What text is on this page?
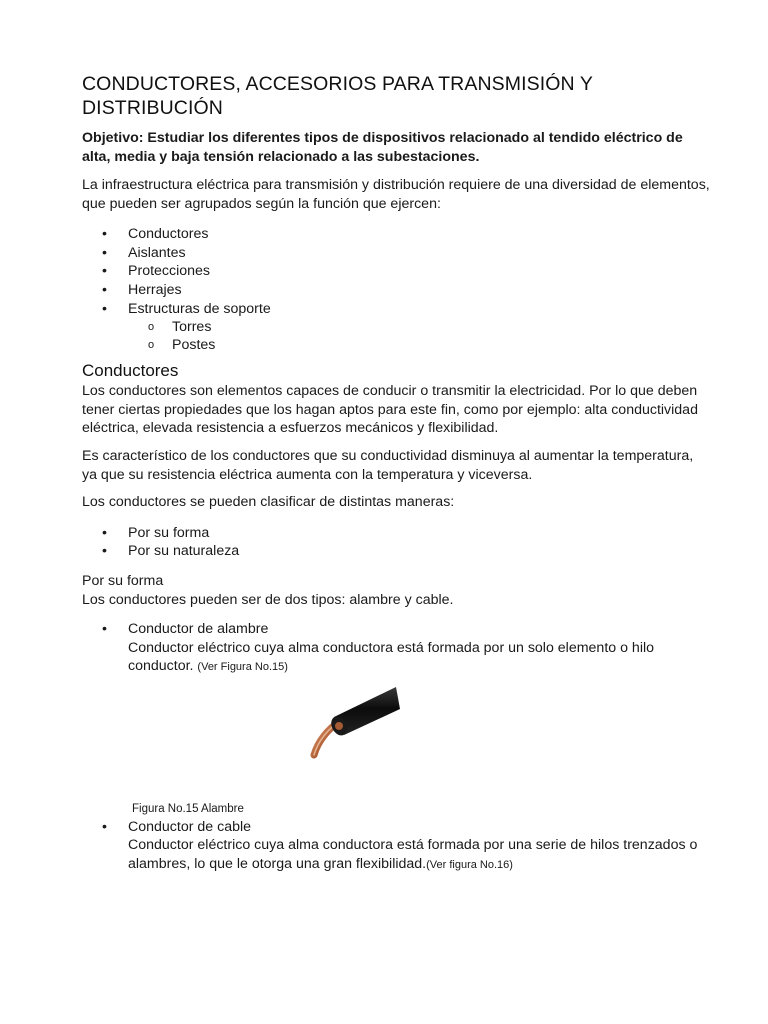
CONDUCTORES, ACCESORIOS PARA TRANSMISIÓN Y DISTRIBUCIÓN

Objetivo: Estudiar los diferentes tipos de dispositivos relacionado al tendido eléctrico de alta, media y baja tensión relacionado a las subestaciones.

La infraestructura eléctrica para transmisión y distribución requiere de una diversidad de elementos, que pueden ser agrupados según la función que ejercen:

• Conductores
• Aislantes
• Protecciones
• Herrajes
• Estructuras de soporte
o Torres
o Postes
Conductores

Los conductores son elementos capaces de conducir o transmitir la electricidad. Por lo que deben tener ciertas propiedades que los hagan aptos para este fin, como por ejemplo: alta conductividad eléctrica, elevada resistencia a esfuerzos mecánicos y flexibilidad.

Es característico de los conductores que su conductividad disminuya al aumentar la temperatura, ya que su resistencia eléctrica aumenta con la temperatura y viceversa.

Los conductores se pueden clasificar de distintas maneras:

• Por su forma
• Por su naturaleza

Por su forma

Los conductores pueden ser de dos tipos: alambre y cable.

• Conductor de alambre
Conductor eléctrico cuya alma conductora está formada por un solo elemento o hilo conductor. (Ver Figura No.15)

Figura No.15 Alambre

• Conductor de cable
Conductor eléctrico cuya alma conductora está formada por una serie de hilos trenzados o alambres, lo que le otorga una gran flexibilidad.(Ver figura No.16)
